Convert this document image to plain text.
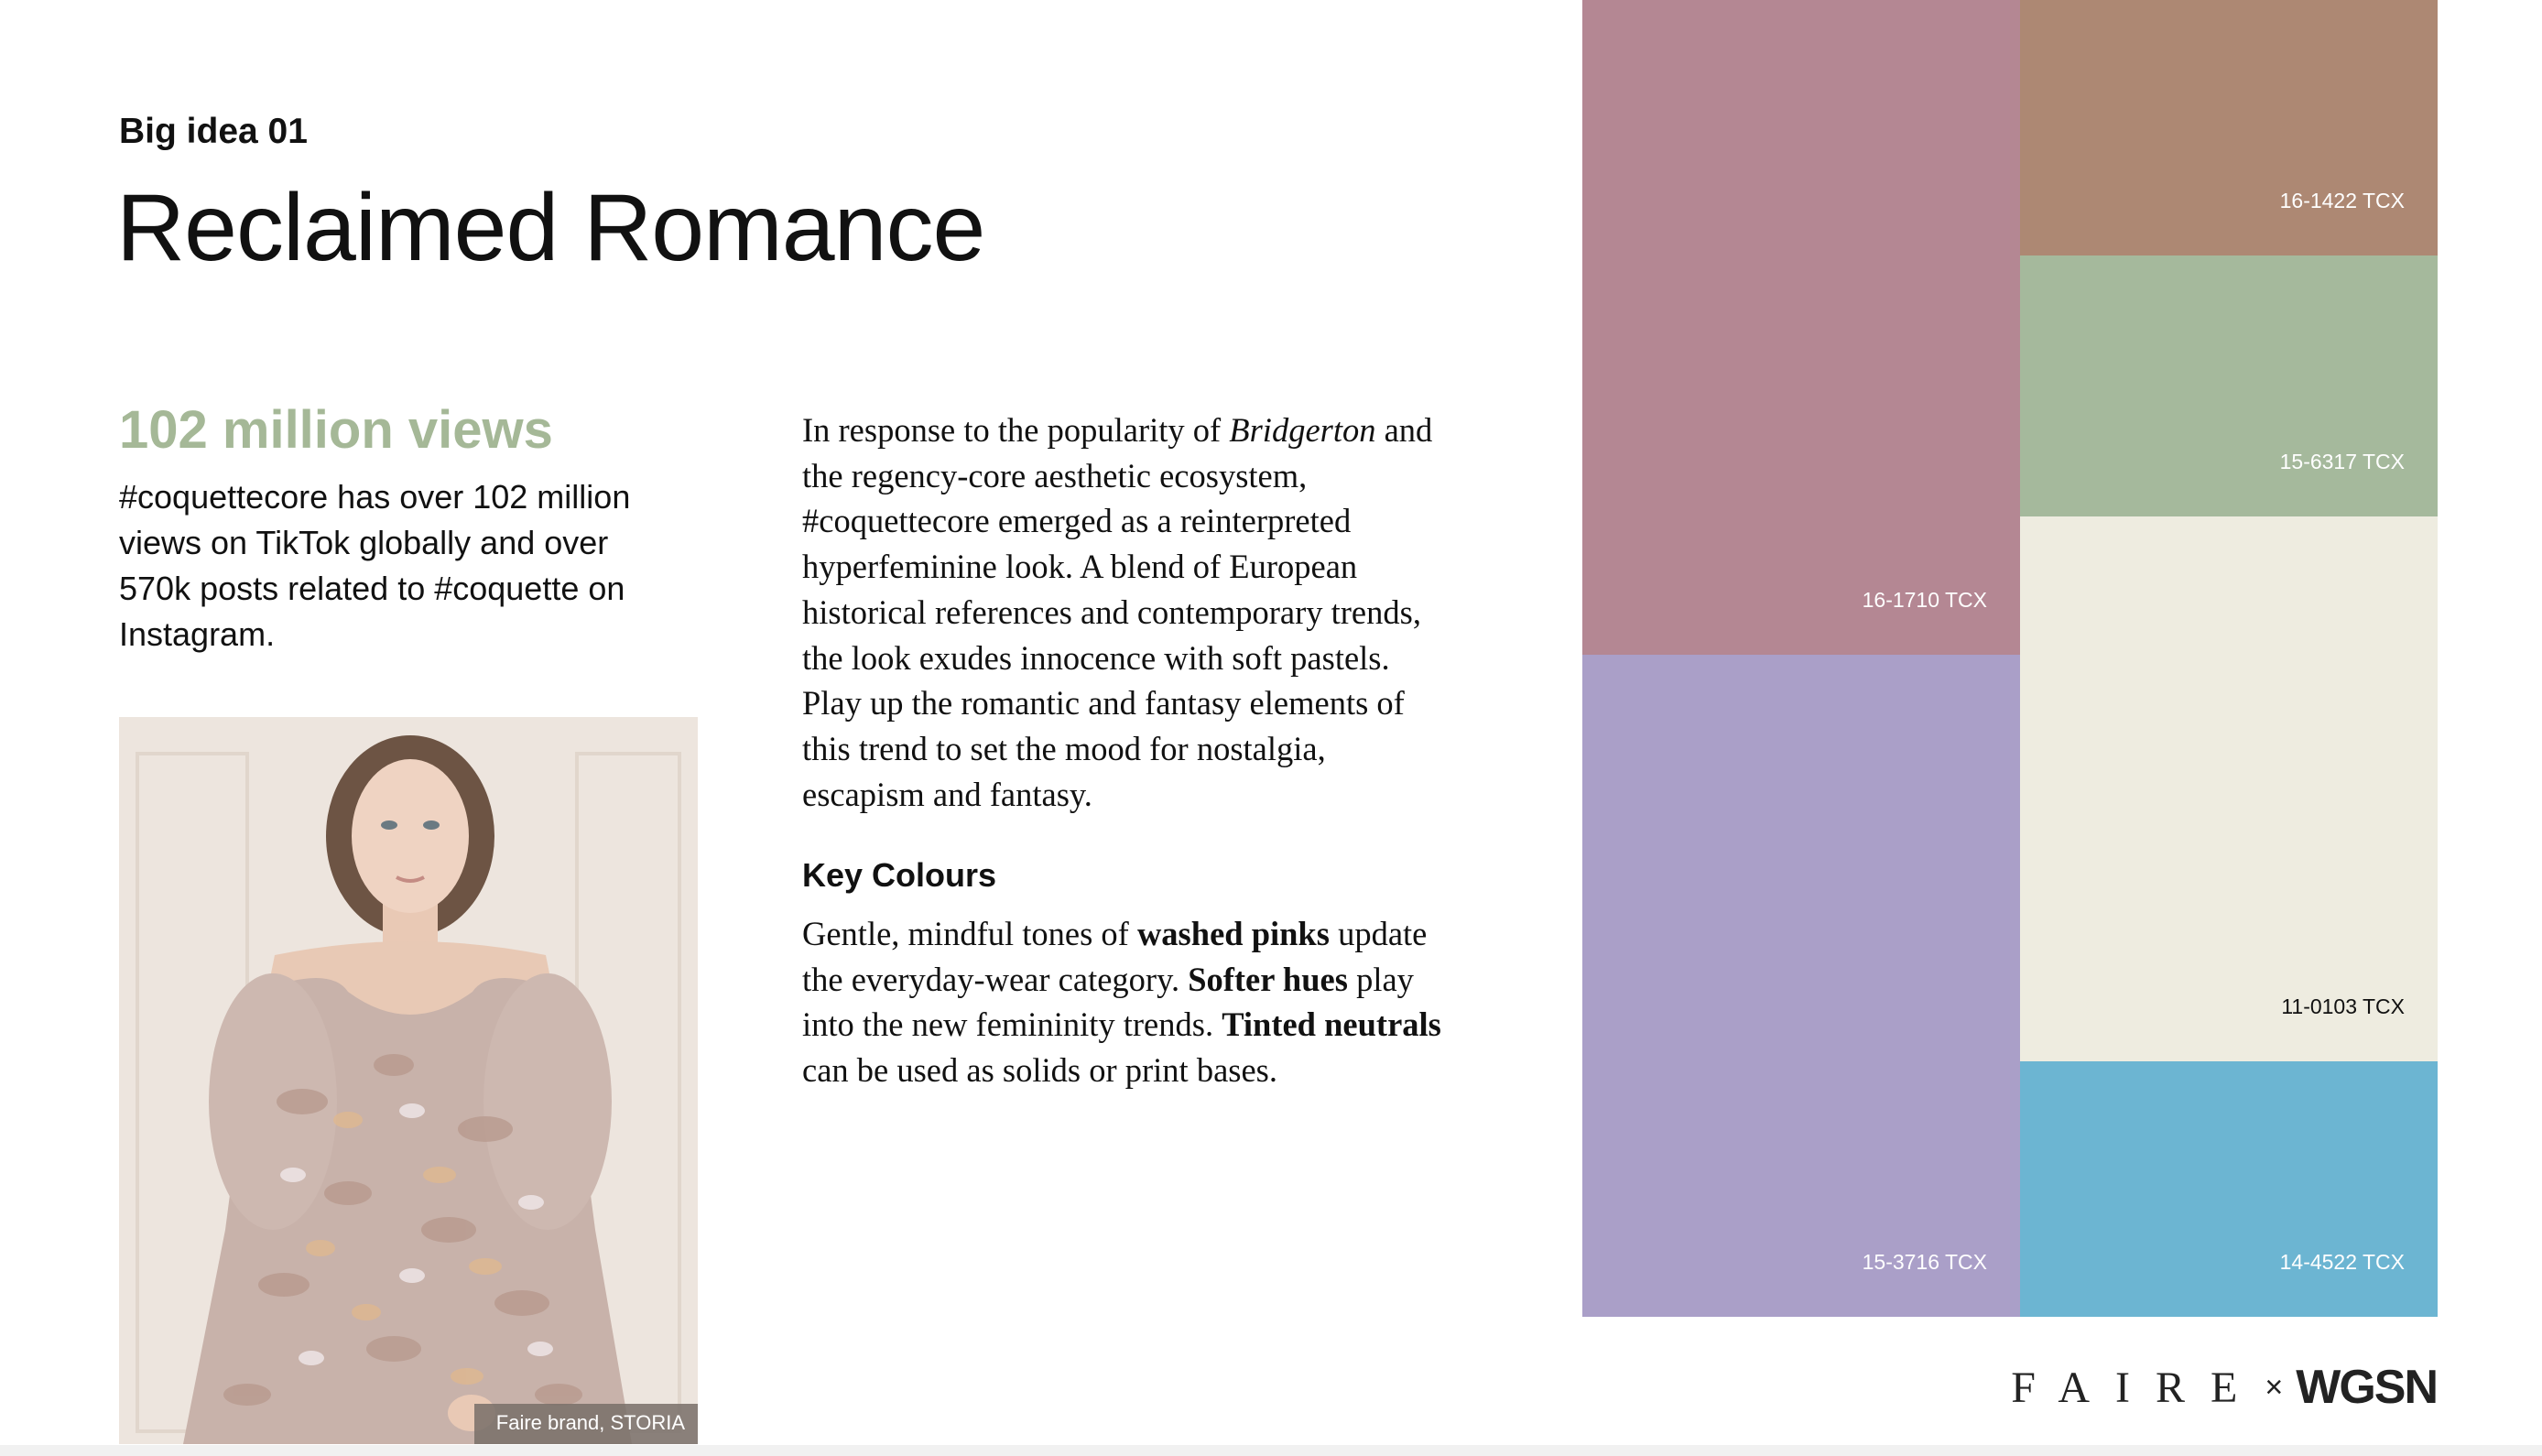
Big idea 01
Reclaimed Romance
102 million views
#coquettecore has over 102 million views on TikTok globally and over 570k posts related to #coquette on Instagram.
Faire brand, STORIA
In response to the popularity of Bridgerton and the regency-core aesthetic ecosystem, #coquettecore emerged as a reinterpreted hyperfeminine look. A blend of European historical references and contemporary trends, the look exudes innocence with soft pastels. Play up the romantic and fantasy elements of this trend to set the mood for nostalgia, escapism and fantasy.
Key Colours
Gentle, mindful tones of washed pinks update the everyday-wear category. Softer hues play into the new femininity trends. Tinted neutrals can be used as solids or print bases.
16-1710 TCX
15-3716 TCX
16-1422 TCX
15-6317 TCX
11-0103 TCX
14-4522 TCX
FAIRE × WGSN
